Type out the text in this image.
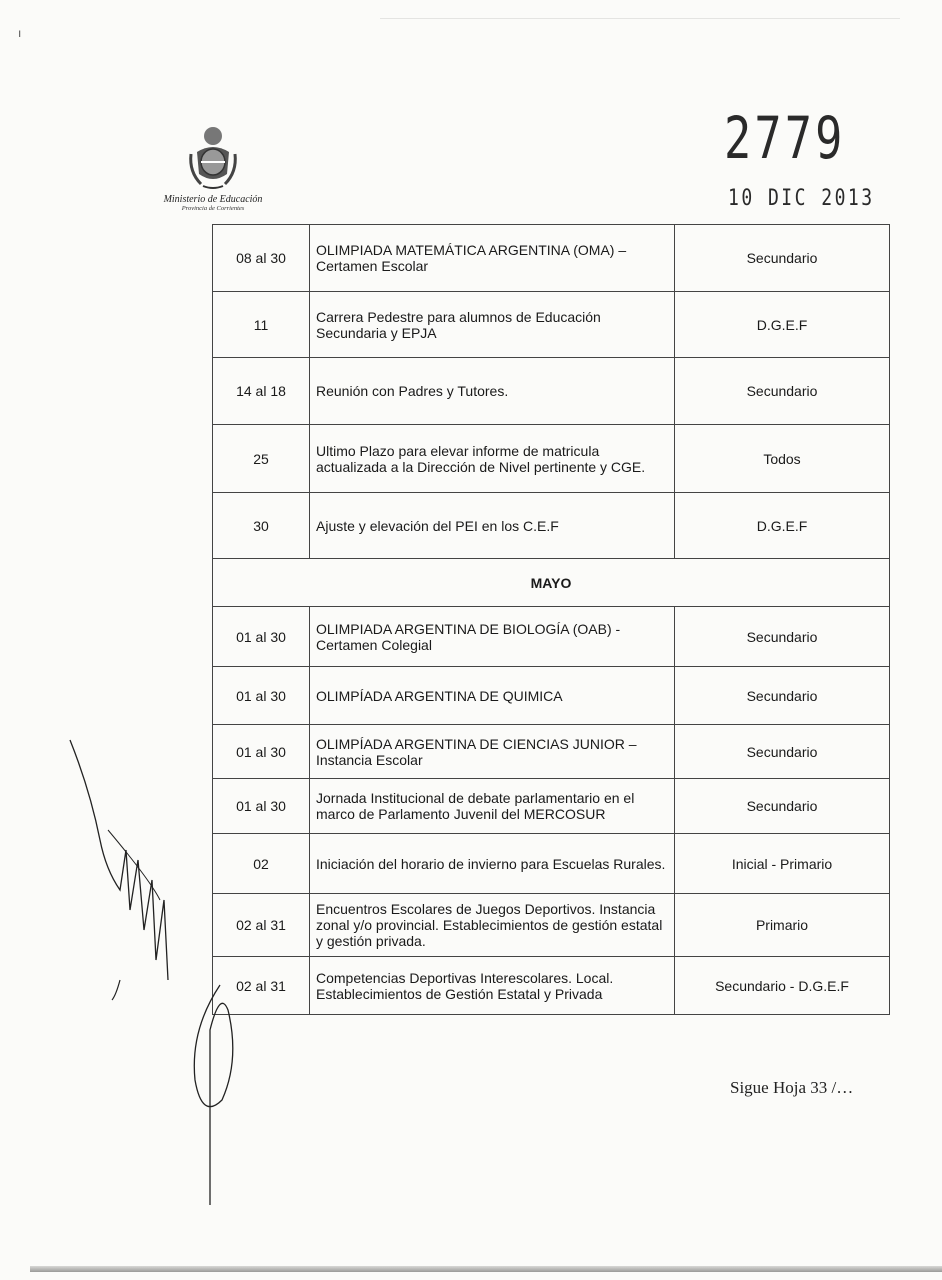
ı
Ministerio de Educación
Provincia de Corrientes
2779
10 DIC 2013
08 al 30	OLIMPIADA MATEMÁTICA ARGENTINA (OMA) – Certamen Escolar	Secundario
11	Carrera Pedestre para alumnos de Educación Secundaria y EPJA	D.G.E.F
14 al 18	Reunión con Padres y Tutores.	Secundario
25	Ultimo Plazo para elevar informe de matricula actualizada a la Dirección de Nivel pertinente y CGE.	Todos
30	Ajuste y elevación del PEI en los C.E.F	D.G.E.F
MAYO		
01 al 30	OLIMPIADA ARGENTINA DE BIOLOGÍA (OAB) - Certamen Colegial	Secundario
01 al 30	OLIMPÍADA ARGENTINA DE QUIMICA	Secundario
01 al 30	OLIMPÍADA ARGENTINA DE CIENCIAS JUNIOR – Instancia Escolar	Secundario
01 al 30	Jornada Institucional de debate parlamentario en el marco de Parlamento Juvenil del MERCOSUR	Secundario
02	Iniciación del horario de invierno para Escuelas Rurales.	Inicial - Primario
02 al 31	Encuentros Escolares de Juegos Deportivos. Instancia zonal y/o provincial. Establecimientos de gestión estatal y gestión privada.	Primario
02 al 31	Competencias Deportivas Interescolares. Local. Establecimientos de Gestión Estatal y Privada	Secundario - D.G.E.F
Sigue Hoja 33 /…
